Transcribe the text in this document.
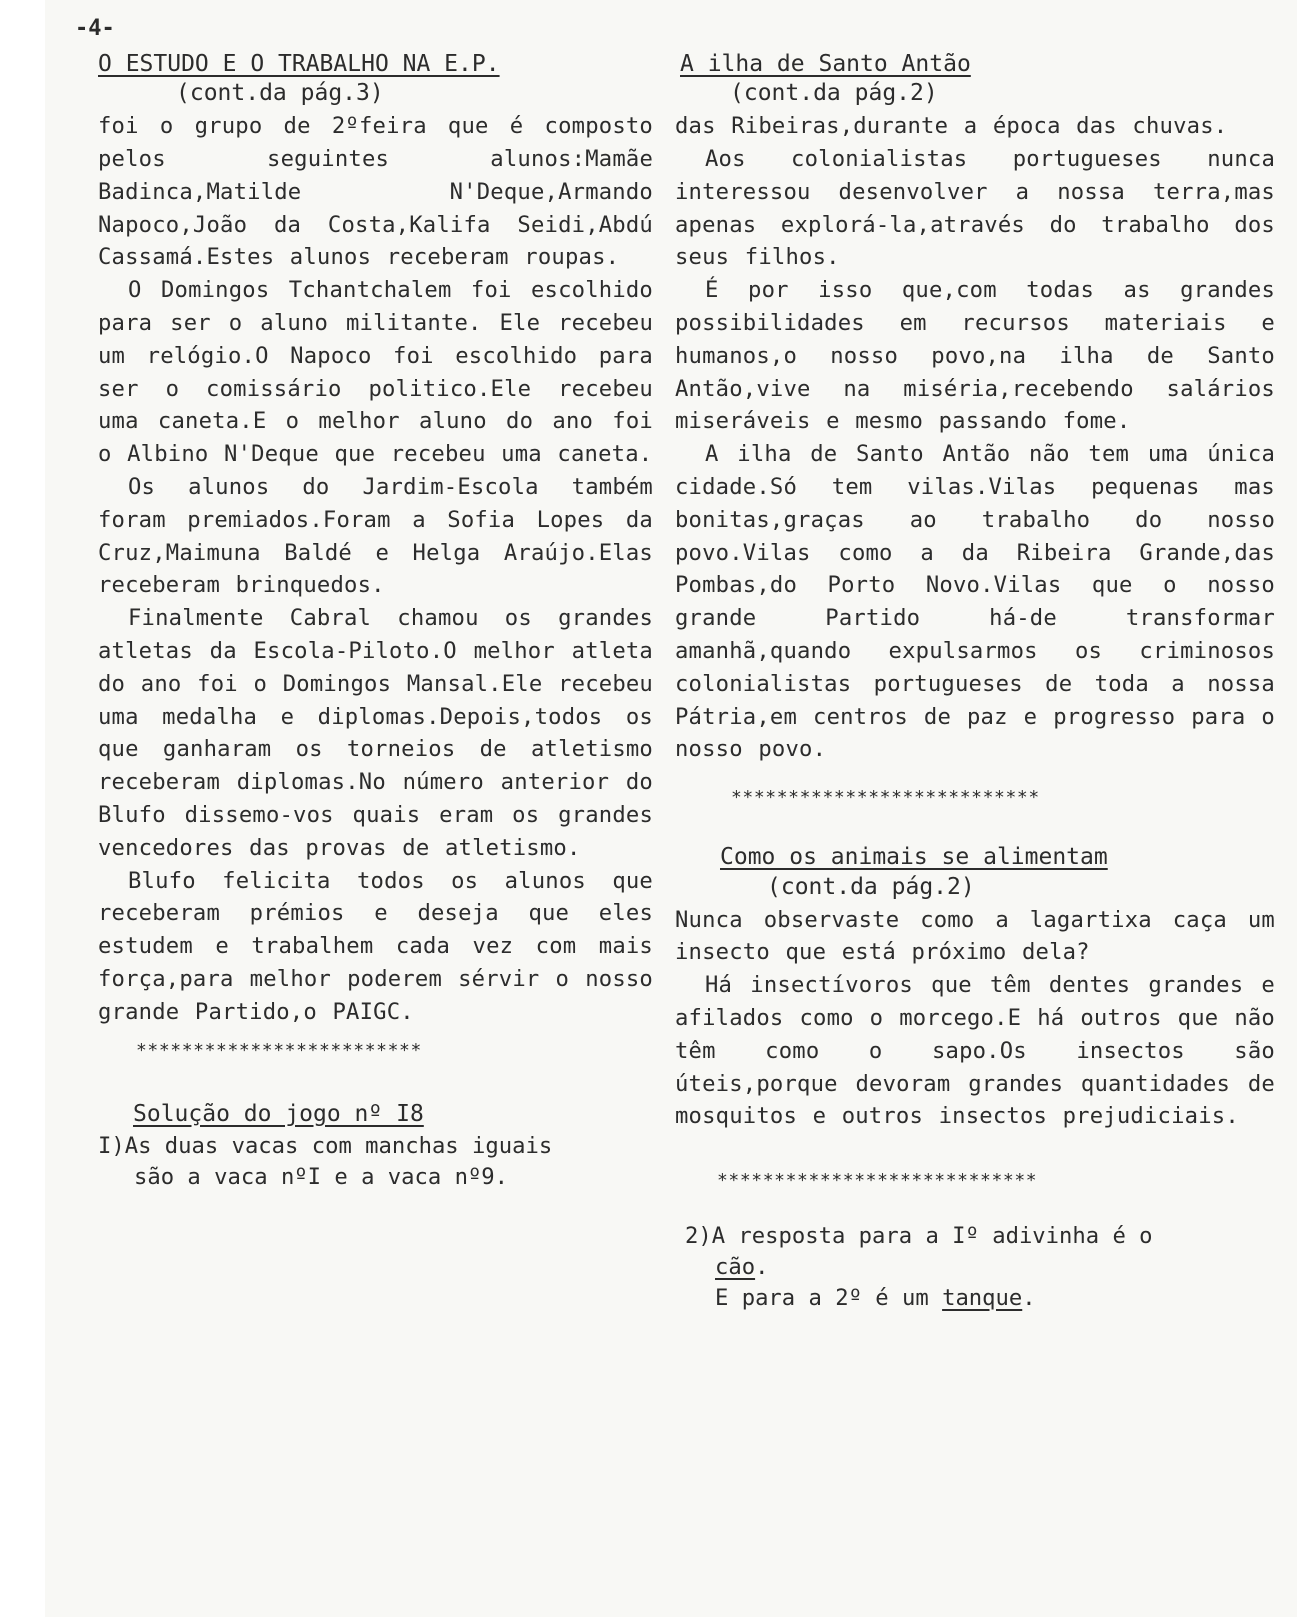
-4-
O ESTUDO E O TRABALHO NA E.P.

(cont.da pág.3)

foi o grupo de 2ºfeira que é composto pelos seguintes alunos:Mamãe Badinca,Matilde N'Deque,Armando Napoco,João da Costa,Kalifa Seidi,Abdú Cassamá.Estes alunos receberam roupas.

O Domingos Tchantchalem foi escolhido para ser o aluno militante. Ele recebeu um relógio.O Napoco foi escolhido para ser o comissário politico.Ele recebeu uma caneta.E o melhor aluno do ano foi o Albino N'Deque que recebeu uma caneta.

Os alunos do Jardim-Escola também foram premiados.Foram a Sofia Lopes da Cruz,Maimuna Baldé e Helga Araújo.Elas receberam brinquedos.

Finalmente Cabral chamou os grandes atletas da Escola-Piloto.O melhor atleta do ano foi o Domingos Mansal.Ele recebeu uma medalha e diplomas.Depois,todos os que ganharam os torneios de atletismo receberam diplomas.No número anterior do Blufo dissemo-vos quais eram os grandes vencedores das provas de atletismo.

Blufo felicita todos os alunos que receberam prémios e deseja que eles estudem e trabalhem cada vez com mais força,para melhor poderem sérvir o nosso grande Partido,o PAIGC.

*************************
Solução do jogo nº I8

I)As duas vacas com manchas iguais

são a vaca nºI e a vaca nº9.

A ilha de Santo Antão

(cont.da pág.2)

das Ribeiras,durante a época das chuvas.

Aos colonialistas portugueses nunca interessou desenvolver a nossa terra,mas apenas explorá-la,através do trabalho dos seus filhos.

É por isso que,com todas as grandes possibilidades em recursos materiais e humanos,o nosso povo,na ilha de Santo Antão,vive na miséria,recebendo salários miseráveis e mesmo passando fome.

A ilha de Santo Antão não tem uma única cidade.Só tem vilas.Vilas pequenas mas bonitas,graças ao trabalho do nosso povo.Vilas como a da Ribeira Grande,das Pombas,do Porto Novo.Vilas que o nosso grande Partido há-de transformar amanhã,quando expulsarmos os criminosos colonialistas portugueses de toda a nossa Pátria,em centros de paz e progresso para o nosso povo.

***************************
Como os animais se alimentam

(cont.da pág.2)

Nunca observaste como a lagartixa caça um insecto que está próximo dela?

Há insectívoros que têm dentes grandes e afilados como o morcego.E há outros que não têm como o sapo.Os insectos são úteis,porque devoram grandes quantidades de mosquitos e outros insectos prejudiciais.

****************************

2)A resposta para a Iº adivinha é o

cão.

E para a 2º é um tanque.
